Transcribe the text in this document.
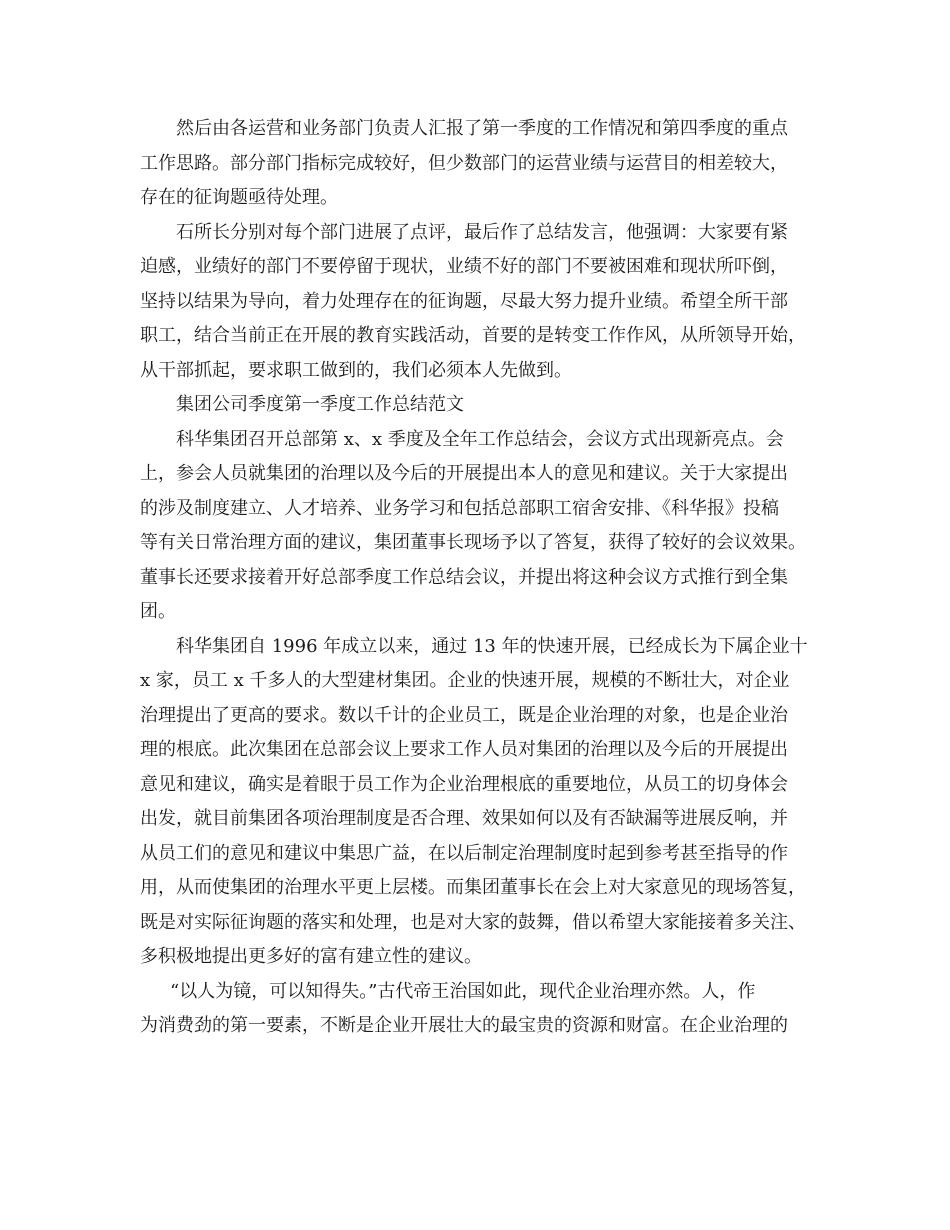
然后由各运营和业务部门负责人汇报了第一季度的工作情况和第四季度的重点
工作思路。部分部门指标完成较好，但少数部门的运营业绩与运营目的相差较大，
存在的征询题亟待处理。
石所长分别对每个部门进展了点评，最后作了总结发言，他强调：大家要有紧
迫感，业绩好的部门不要停留于现状，业绩不好的部门不要被困难和现状所吓倒，
坚持以结果为导向，着力处理存在的征询题，尽最大努力提升业绩。希望全所干部
职工，结合当前正在开展的教育实践活动，首要的是转变工作作风，从所领导开始，
从干部抓起，要求职工做到的，我们必须本人先做到。
集团公司季度第一季度工作总结范文
科华集团召开总部第 x、x 季度及全年工作总结会，会议方式出现新亮点。会
上，参会人员就集团的治理以及今后的开展提出本人的意见和建议。关于大家提出
的涉及制度建立、人才培养、业务学习和包括总部职工宿舍安排、《科华报》投稿
等有关日常治理方面的建议，集团董事长现场予以了答复，获得了较好的会议效果。
董事长还要求接着开好总部季度工作总结会议，并提出将这种会议方式推行到全集
团。
科华集团自 1996 年成立以来，通过 13 年的快速开展，已经成长为下属企业十
x 家，员工 x 千多人的大型建材集团。企业的快速开展，规模的不断壮大，对企业
治理提出了更高的要求。数以千计的企业员工，既是企业治理的对象，也是企业治
理的根底。此次集团在总部会议上要求工作人员对集团的治理以及今后的开展提出
意见和建议，确实是着眼于员工作为企业治理根底的重要地位，从员工的切身体会
出发，就目前集团各项治理制度是否合理、效果如何以及有否缺漏等进展反响，并
从员工们的意见和建议中集思广益，在以后制定治理制度时起到参考甚至指导的作
用，从而使集团的治理水平更上层楼。而集团董事长在会上对大家意见的现场答复，
既是对实际征询题的落实和处理，也是对大家的鼓舞，借以希望大家能接着多关注、
多积极地提出更多好的富有建立性的建议。
“以人为镜，可以知得失。”古代帝王治国如此，现代企业治理亦然。人，作
为消费劲的第一要素，不断是企业开展壮大的最宝贵的资源和财富。在企业治理的
